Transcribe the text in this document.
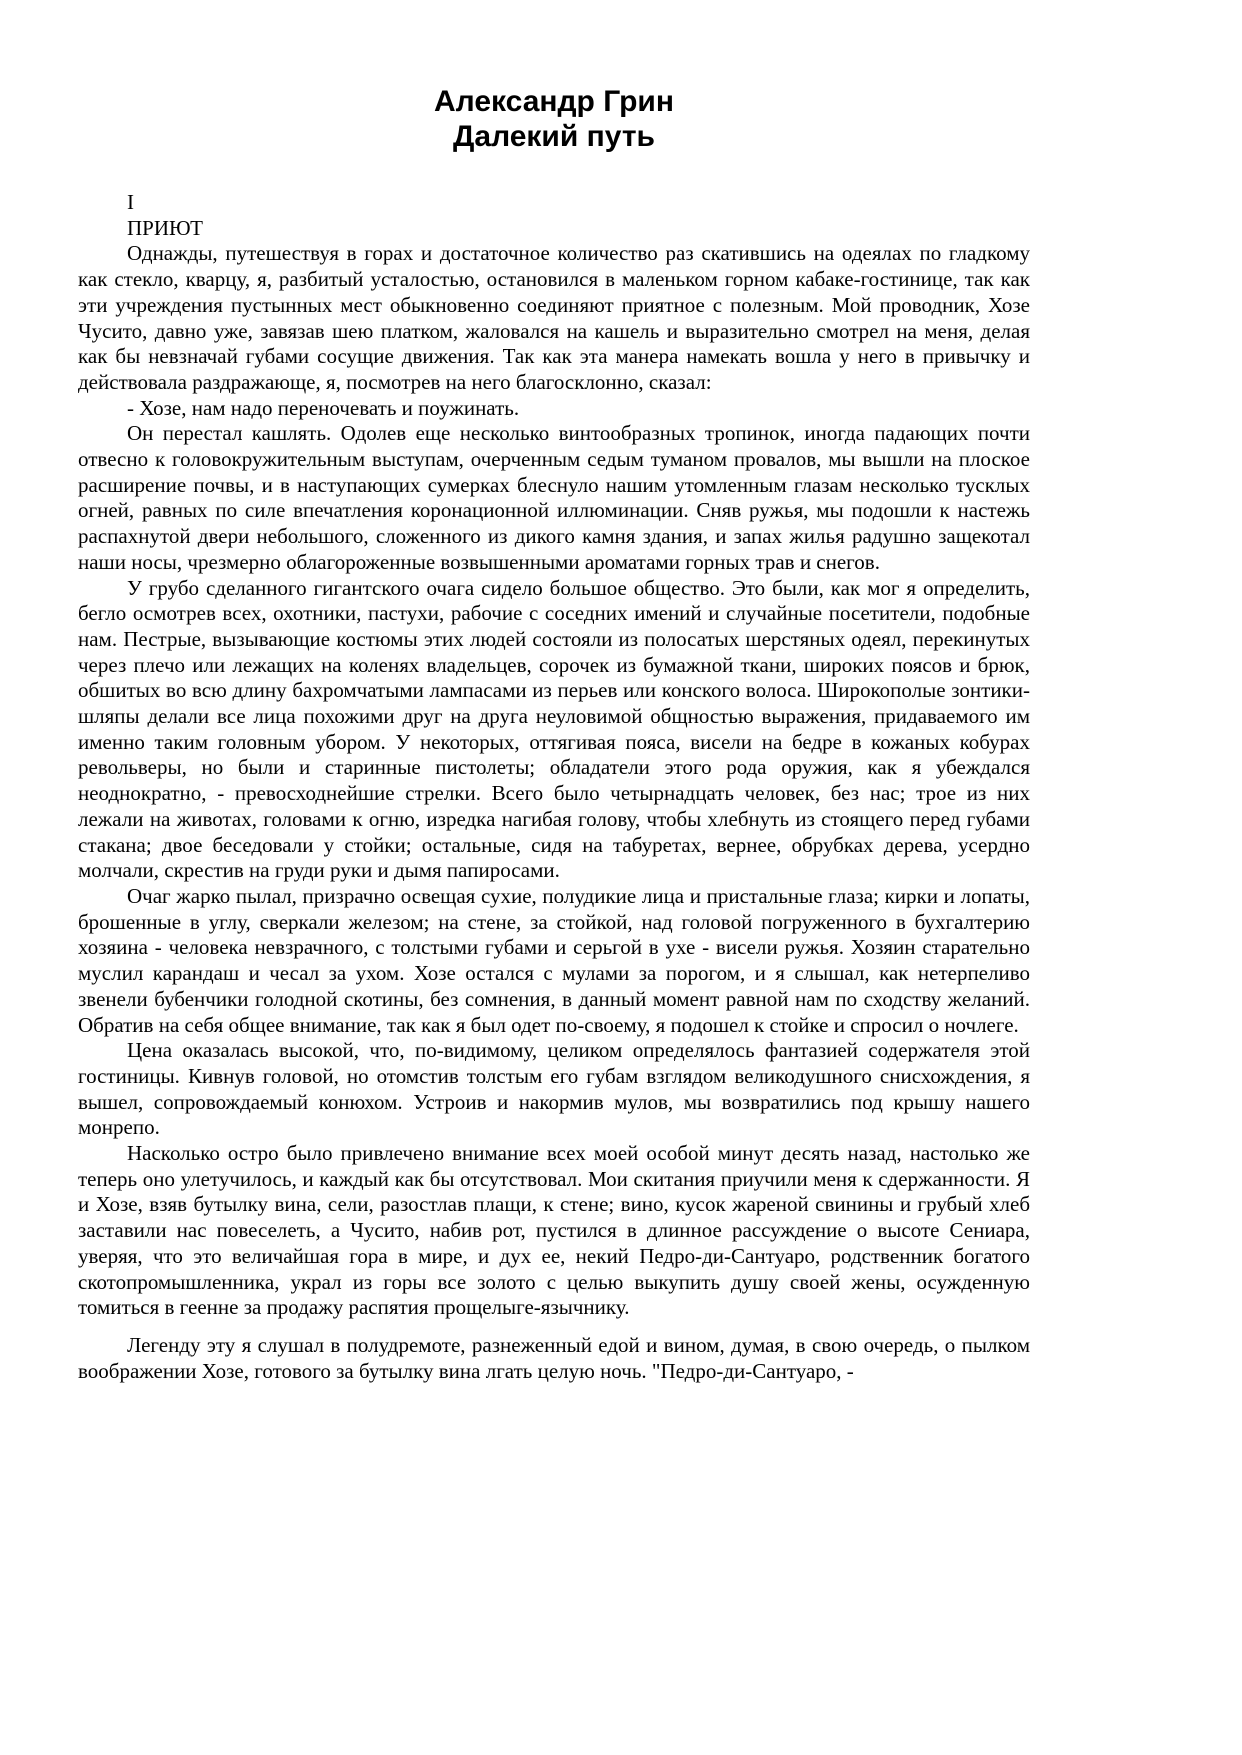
Александр Грин
Далекий путь

I

ПРИЮТ

Однажды, путешествуя в горах и достаточное количество раз скатившись на одеялах по гладкому как стекло, кварцу, я, разбитый усталостью, остановился в маленьком горном кабаке-гостинице, так как эти учреждения пустынных мест обыкновенно соединяют приятное с полезным. Мой проводник, Хозе Чусито, давно уже, завязав шею платком, жаловался на кашель и выразительно смотрел на меня, делая как бы невзначай губами сосущие движения. Так как эта манера намекать вошла у него в привычку и действовала раздражающе, я, посмотрев на него благосклонно, сказал:

- Хозе, нам надо переночевать и поужинать.

Он перестал кашлять. Одолев еще несколько винтообразных тропинок, иногда падающих почти отвесно к головокружительным выступам, очерченным седым туманом провалов, мы вышли на плоское расширение почвы, и в наступающих сумерках блеснуло нашим утомленным глазам несколько тусклых огней, равных по силе впечатления коронационной иллюминации. Сняв ружья, мы подошли к настежь распахнутой двери небольшого, сложенного из дикого камня здания, и запах жилья радушно защекотал наши носы, чрезмерно облагороженные возвышенными ароматами горных трав и снегов.

У грубо сделанного гигантского очага сидело большое общество. Это были, как мог я определить, бегло осмотрев всех, охотники, пастухи, рабочие с соседних имений и случайные посетители, подобные нам. Пестрые, вызывающие костюмы этих людей состояли из полосатых шерстяных одеял, перекинутых через плечо или лежащих на коленях владельцев, сорочек из бумажной ткани, широких поясов и брюк, обшитых во всю длину бахромчатыми лампасами из перьев или конского волоса. Широкополые зонтики-шляпы делали все лица похожими друг на друга неуловимой общностью выражения, придаваемого им именно таким головным убором. У некоторых, оттягивая пояса, висели на бедре в кожаных кобурах револьверы, но были и старинные пистолеты; обладатели этого рода оружия, как я убеждался неоднократно, - превосходнейшие стрелки. Всего было четырнадцать человек, без нас; трое из них лежали на животах, головами к огню, изредка нагибая голову, чтобы хлебнуть из стоящего перед губами стакана; двое беседовали у стойки; остальные, сидя на табуретах, вернее, обрубках дерева, усердно молчали, скрестив на груди руки и дымя папиросами.

Очаг жарко пылал, призрачно освещая сухие, полудикие лица и пристальные глаза; кирки и лопаты, брошенные в углу, сверкали железом; на стене, за стойкой, над головой погруженного в бухгалтерию хозяина - человека невзрачного, с толстыми губами и серьгой в ухе - висели ружья. Хозяин старательно муслил карандаш и чесал за ухом. Хозе остался с мулами за порогом, и я слышал, как нетерпеливо звенели бубенчики голодной скотины, без сомнения, в данный момент равной нам по сходству желаний. Обратив на себя общее внимание, так как я был одет по-своему, я подошел к стойке и спросил о ночлеге.

Цена оказалась высокой, что, по-видимому, целиком определялось фантазией содержателя этой гостиницы. Кивнув головой, но отомстив толстым его губам взглядом великодушного снисхождения, я вышел, сопровождаемый конюхом. Устроив и накормив мулов, мы возвратились под крышу нашего монрепо.

Насколько остро было привлечено внимание всех моей особой минут десять назад, настолько же теперь оно улетучилось, и каждый как бы отсутствовал. Мои скитания приучили меня к сдержанности. Я и Хозе, взяв бутылку вина, сели, разостлав плащи, к стене; вино, кусок жареной свинины и грубый хлеб заставили нас повеселеть, а Чусито, набив рот, пустился в длинное рассуждение о высоте Сениара, уверяя, что это величайшая гора в мире, и дух ее, некий Педро-ди-Сантуаро, родственник богатого скотопромышленника, украл из горы все золото с целью выкупить душу своей жены, осужденную томиться в геенне за продажу распятия прощелыге-язычнику.

Легенду эту я слушал в полудремоте, разнеженный едой и вином, думая, в свою очередь, о пылком воображении Хозе, готового за бутылку вина лгать целую ночь. "Педро-ди-Сантуаро, -
